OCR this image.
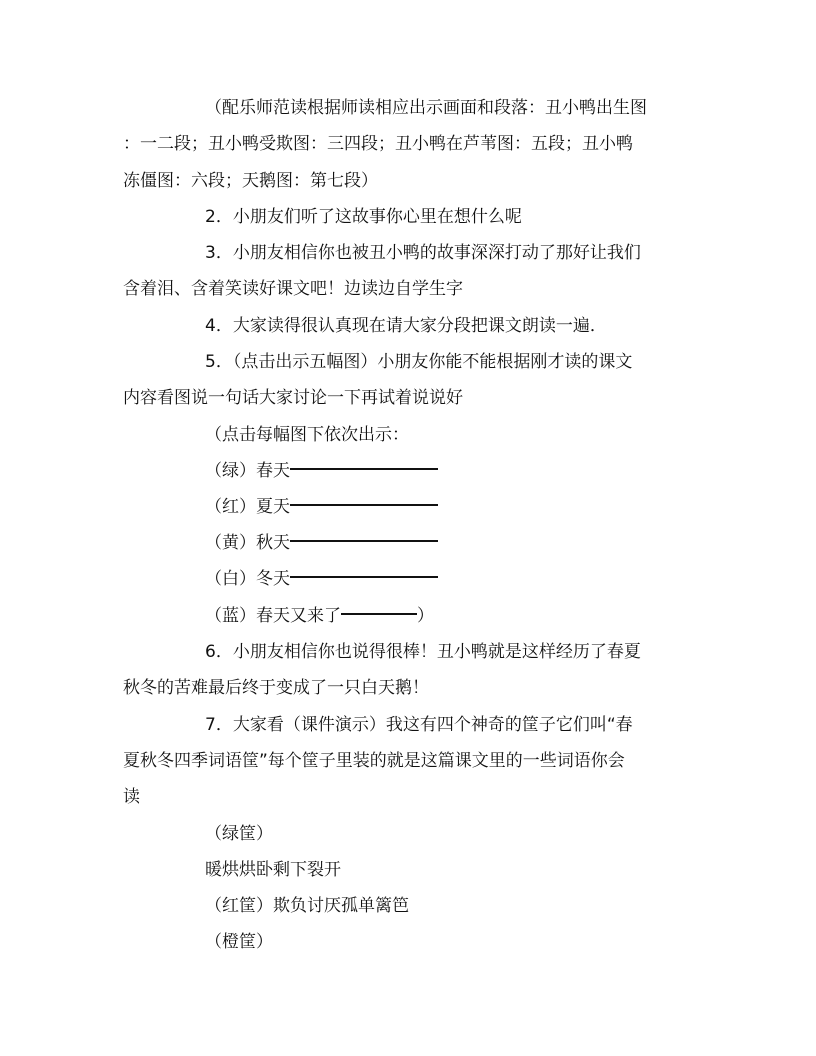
（配乐师范读根据师读相应出示画面和段落：丑小鸭出生图
：一二段；丑小鸭受欺图：三四段；丑小鸭在芦苇图：五段；丑小鸭
冻僵图：六段；天鹅图：第七段）
2．小朋友们听了这故事你心里在想什么呢
3．小朋友相信你也被丑小鸭的故事深深打动了那好让我们
含着泪、含着笑读好课文吧！边读边自学生字
4．大家读得很认真现在请大家分段把课文朗读一遍．
5．（点击出示五幅图）小朋友你能不能根据刚才读的课文
内容看图说一句话大家讨论一下再试着说说好
（点击每幅图下依次出示：
（绿）春天
（红）夏天
（黄）秋天
（白）冬天
（蓝）春天又来了	）
6．小朋友相信你也说得很棒！丑小鸭就是这样经历了春夏
秋冬的苦难最后终于变成了一只白天鹅！
7．大家看（课件演示）我这有四个神奇的筐子它们叫“春
夏秋冬四季词语筐”每个筐子里装的就是这篇课文里的一些词语你会
读
（绿筐）
暖烘烘卧剩下裂开
（红筐）欺负讨厌孤单篱笆
（橙筐）
